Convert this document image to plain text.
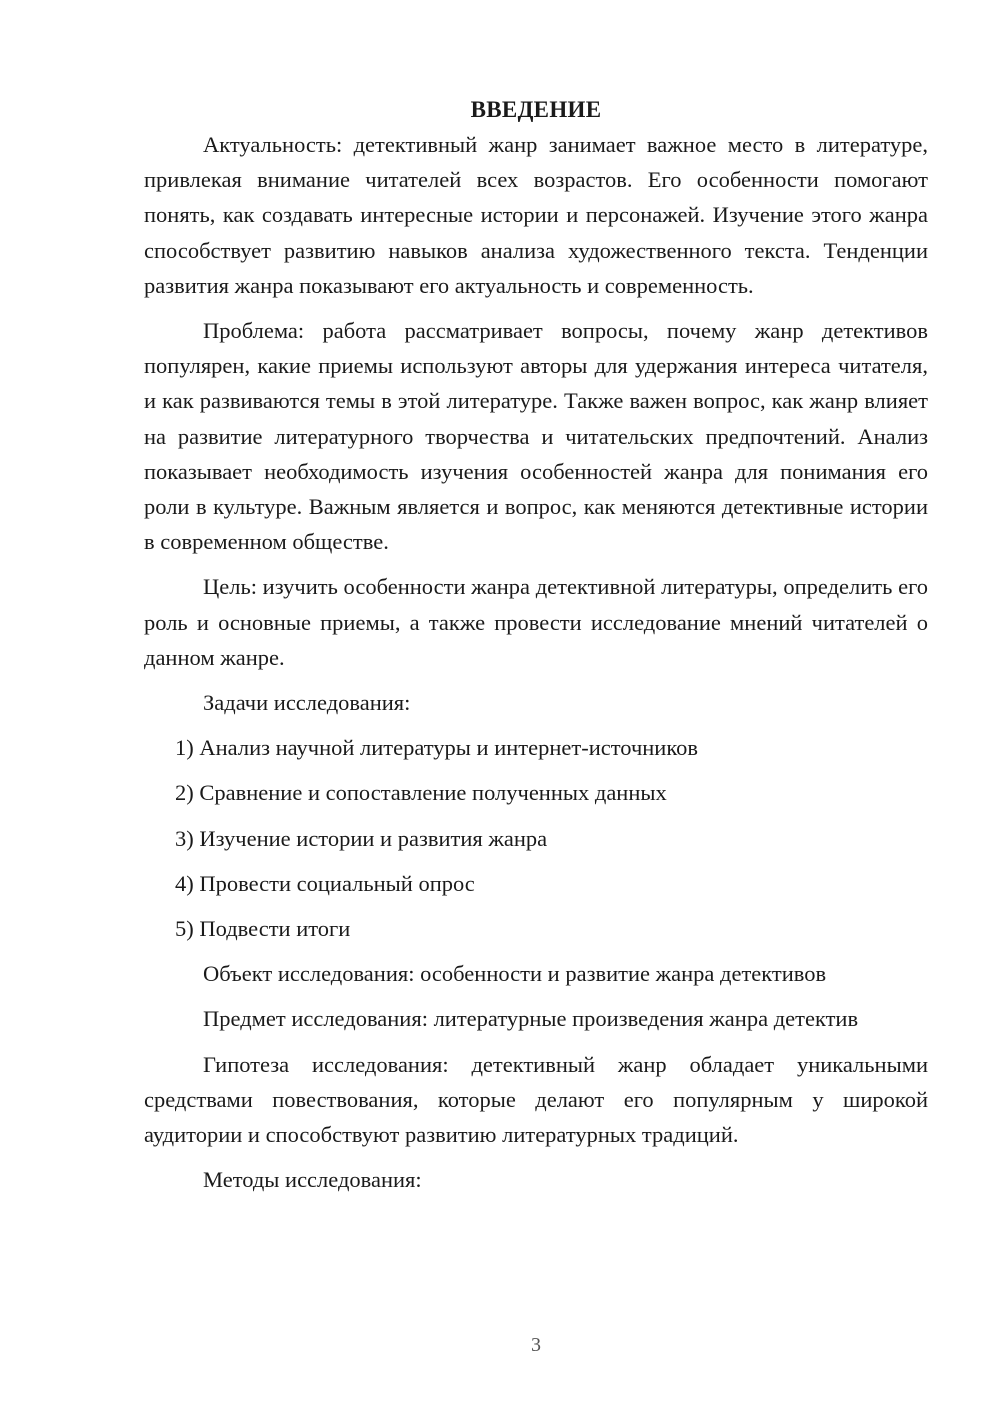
ВВЕДЕНИЕ

Актуальность: детективный жанр занимает важное место в литературе, привлекая внимание читателей всех возрастов. Его особенности помогают понять, как создавать интересные истории и персонажей. Изучение этого жанра способствует развитию навыков анализа художественного текста. Тенденции развития жанра показывают его актуальность и современность.

Проблема: работа рассматривает вопросы, почему жанр детективов популярен, какие приемы используют авторы для удержания интереса читателя, и как развиваются темы в этой литературе. Также важен вопрос, как жанр влияет на развитие литературного творчества и читательских предпочтений. Анализ показывает необходимость изучения особенностей жанра для понимания его роли в культуре. Важным является и вопрос, как меняются детективные истории в современном обществе.

Цель: изучить особенности жанра детективной литературы, определить его роль и основные приемы, а также провести исследование мнений читателей о данном жанре.

Задачи исследования:

1) Анализ научной литературы и интернет-источников
2) Сравнение и сопоставление полученных данных
3) Изучение истории и развития жанра
4) Провести социальный опрос
5) Подвести итоги

Объект исследования: особенности и развитие жанра детективов

Предмет исследования: литературные произведения жанра детектив

Гипотеза исследования: детективный жанр обладает уникальными средствами повествования, которые делают его популярным у широкой аудитории и способствуют развитию литературных традиций.

Методы исследования:

3
